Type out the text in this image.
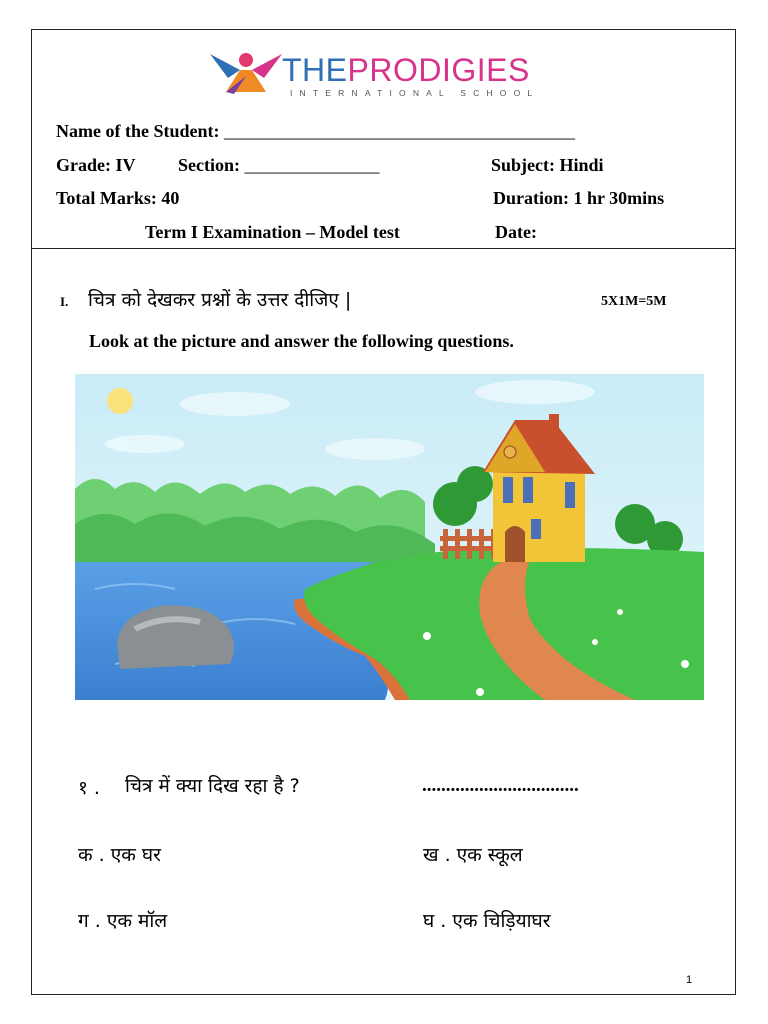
THEPRODIGIES
INTERNATIONAL SCHOOL
Name of the Student: _______________________________________
Grade: IV Section: _______________	Subject: Hindi
Total Marks: 40	Duration: 1 hr 30mins
Term I Examination – Model test	Date:
I. चित्र को देखकर प्रश्नों के उत्तर दीजिए |	5X1M=5M
Look at the picture and answer the following questions.
१ . चित्र में क्या दिख रहा है ?	.................................
क . एक घर	ख . एक स्कूल
ग . एक मॉल	घ . एक चिड़ियाघर
1
